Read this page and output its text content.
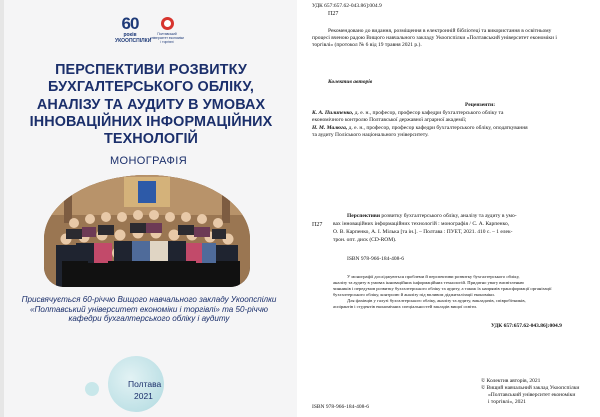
60
років УКООПСПІЛКИ
Полтавський університет економіки і торгівлі
ПЕРСПЕКТИВИ РОЗВИТКУ
БУХГАЛТЕРСЬКОГО ОБЛІКУ,
АНАЛІЗУ ТА АУДИТУ В УМОВАХ
ІННОВАЦІЙНИХ ІНФОРМАЦІЙНИХ
ТЕХНОЛОГІЙ
МОНОГРАФІЯ
Присвячується 60-річчю Вищого навчального закладу Укоопспілки
«Полтавський університет економіки і торгівлі» та 50-річчю
кафедри бухгалтерського обліку і аудиту
Полтава
2021
УДК 657:657.62-043.86]:004.9
П27
Рекомендовано до видання, розміщення в електронній бібліотеці та використання в освітньому
процесі вченою радою Вищого навчального закладу Укоопспілки «Полтавський університет економіки і
торгівлі» (протокол № 6 від 19 травня 2021 р.).
Колектив авторів
Рецензенти:
К. А. Пилипенко, д. е. н., професор, професор кафедри бухгалтерського обліку та
економічного контролю Полтавської державної аграрної академії;
Н. М. Малюга, д. е. н., професор, професор кафедри бухгалтерського обліку, оподаткування
та аудиту Поліського національного університету.
П27
Перспективи розвитку бухгалтерського обліку, аналізу та аудиту в умо-
вах інноваційних інформаційних технологій : монографія / С. А. Карпенко,
О. В. Карпенко, А. І. Мілька [та ін.]. – Полтава : ПУЕТ, 2021. 410 с. – 1 елек-
трон. опт. диск (CD-ROM).
ISBN 978-966-184-408-6
У монографії досліджуються проблеми й перспективи розвитку бухгалтерського обліку,
аналізу та аудиту в умовах інноваційних інформаційних технологій. Придатно увагу висвітленню
чинників і передумов розвитку бухгалтерського обліку та аудиту, а також їх напрямів трансформації організації
бухгалтерського обліку, контролю й аналізу під впливом діджиталізації економіки.
Для фахівців у галузі бухгалтерського обліку, аналізу та аудиту, викладачів, співробітників,
аспірантів і студентів економічних спеціальностей закладів вищої освіти.
УДК 657:657.62-043.86]:004.9
© Колектив авторів, 2021
© Вищий навчальний заклад Укоопспілки
«Полтавський університет економіки
і торгівлі», 2021
ISBN 978-966-184-408-6
